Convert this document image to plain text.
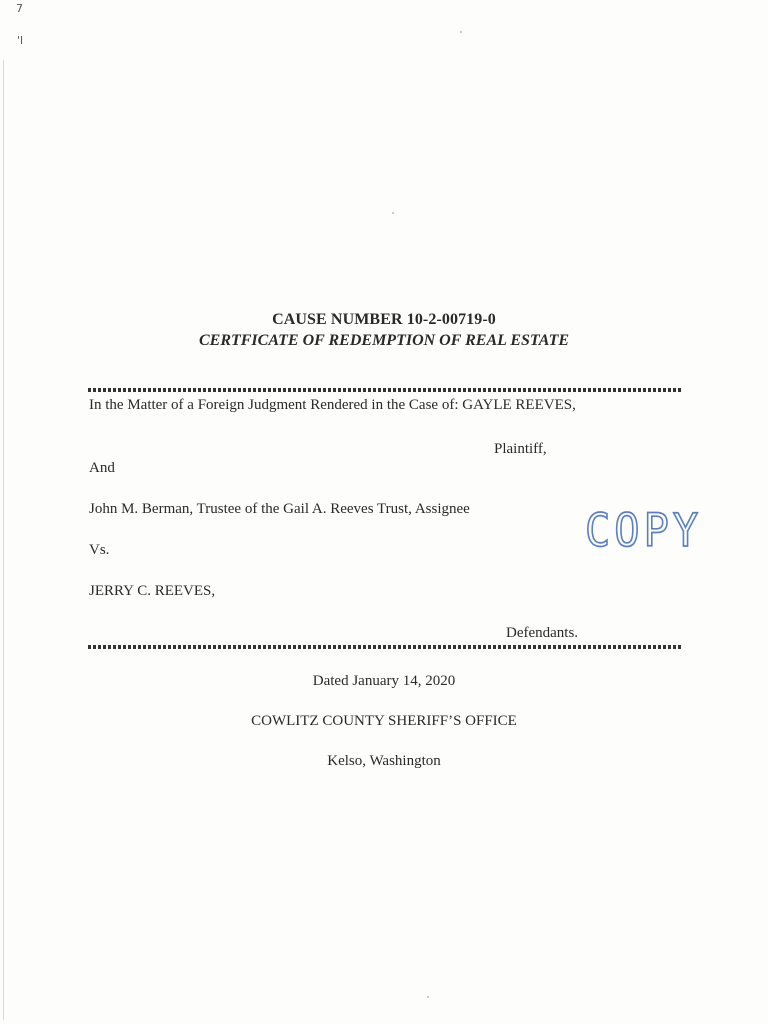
7
'l
CAUSE NUMBER 10-2-00719-0
CERTFICATE OF REDEMPTION OF REAL ESTATE
In the Matter of a Foreign Judgment Rendered in the Case of: GAYLE REEVES,
Plaintiff,
And
John M. Berman, Trustee of the Gail A. Reeves Trust, Assignee
Vs.
JERRY C. REEVES,
Defendants.
Dated January 14, 2020
COWLITZ COUNTY SHERIFF’S OFFICE
Kelso, Washington
COPY
